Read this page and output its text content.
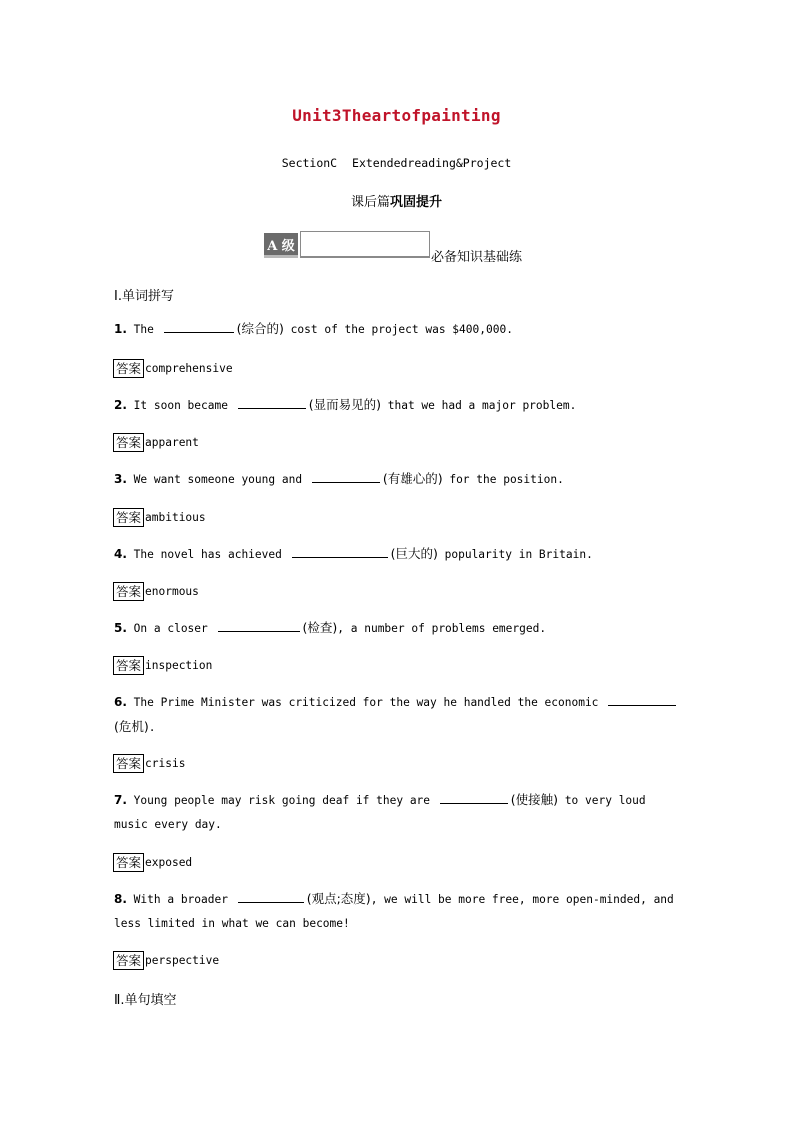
Unit3Theartofpainting
SectionC Extendedreading&Project
课后篇巩固提升
A 级
必备知识基础练
Ⅰ.单词拼写
1. The	(综合的) cost of the project was $400,000.
答案 comprehensive
2. It soon became	(显而易见的) that we had a major problem.
答案 apparent
3. We want someone young and	(有雄心的) for the position.
答案 ambitious
4. The novel has achieved	(巨大的) popularity in Britain.
答案 enormous
5. On a closer	(检查), a number of problems emerged.
答案 inspection
6. The Prime Minister was criticized for the way he handled the economic (危机).
答案 crisis
7. Young people may risk going deaf if they are	(使接触) to very loud music every day.
答案 exposed
8. With a broader	(观点;态度), we will be more free, more open-minded, and less limited in what we can become!
答案 perspective
Ⅱ.单句填空
